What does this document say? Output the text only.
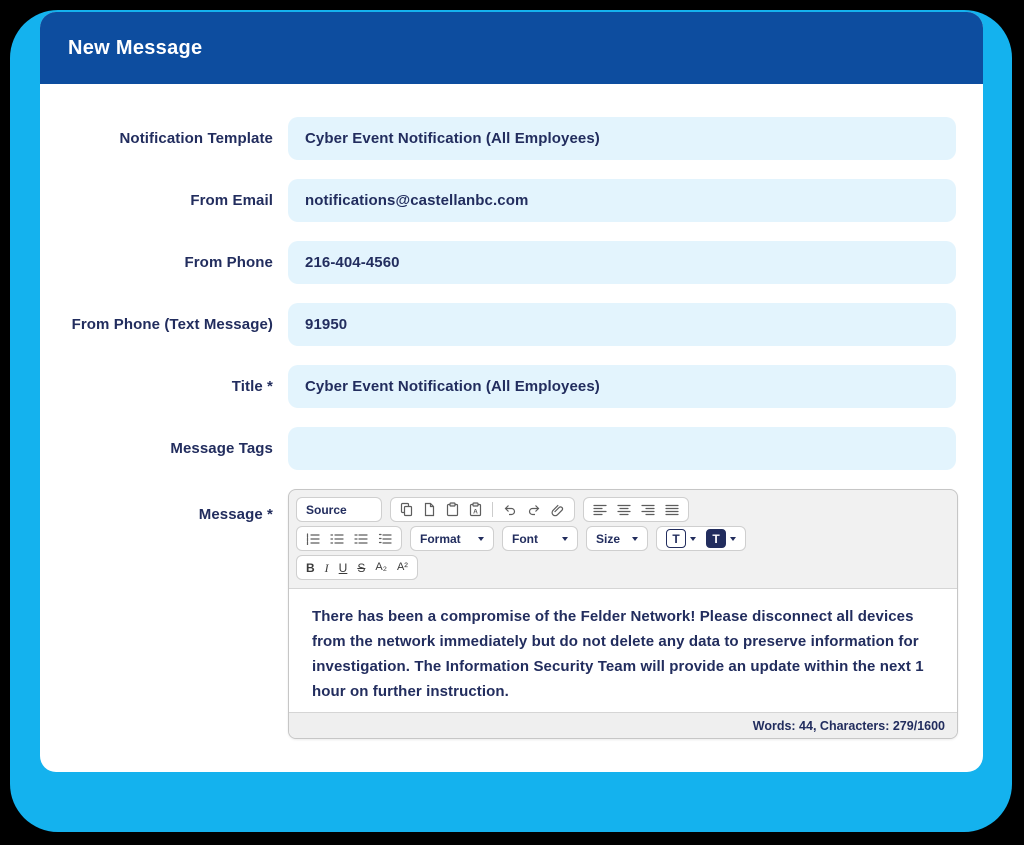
New Message
Notification Template	Cyber Event Notification (All Employees)
From Email	notifications@castellanbc.com
From Phone	216-404-4560
From Phone (Text Message)	91950
Title *	Cyber Event Notification (All Employees)
Message Tags
Message *	Source	A
Format	Font	Size	T	T
B I U S A₂ A²
There has been a compromise of the Felder Network! Please disconnect all devices from the network immediately but do not delete any data to preserve information for investigation. The Information Security Team will provide an update within the next 1 hour on further instruction.
Words: 44, Characters: 279/1600
